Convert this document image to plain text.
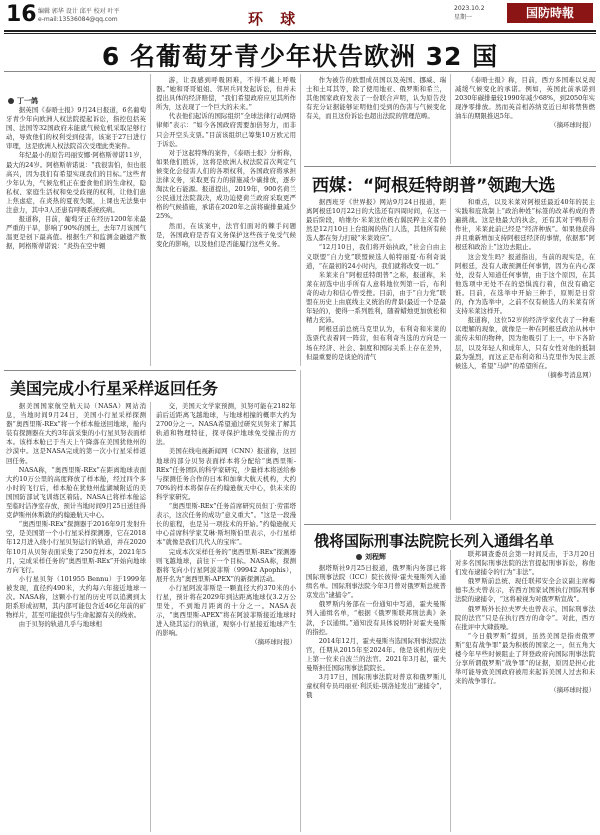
16 编辑 郭华 设计 邱平 校对 叶平
e-mail:13536084@qq.com	环 球
2023.10.2
星期一	国防時報
6 名葡萄牙青少年状告欧洲 32 国
丁一鸽

据英国《泰晤士报》9月24日报道，6名葡萄牙青少年向欧洲人权法院提起诉讼，指控包括英国、法国等32国政府未能就气候危机采取足够行动，导致他们的权利受到侵害，该案于27日进行审理，这是欧洲人权法院首次受理此类案件。

年纪最小的原告玛丽安娜·阿格斯蒂诺11岁，最大的24岁。阿格斯蒂诺说：“我很害怕，但也很高兴，因为我们有希望实现我们的目标。”这些青少年认为，气候危机正在蚕食他们的生命权，隐私权、家庭生活权和免受歧视的权利，让他们患上焦虑症，在炎热的夏夜失眠，上课也无法集中注意力，其中3人还患有呼吸系统疾病。

报道称，目前，葡萄牙正在经历1200年来最严重的干旱，影响了90%的国土，去年7月该国气温更是创下最高值。根据生产和监测金融遗产数据，阿格斯蒂诺说：“炎热在空中翱

游，让我感到呼吸困难，不得不戴上呼吸器。”她和哥哥姐姐、邻居兵同发起诉讼，但并未提出具体的经济赔偿，“我们希望政府应见其所作所为，这表现了一个巨大的未来。”

代表他们起诉的国际组织“全球法律行动网络律师”表示：“如今各国政府需要加倍努力，而非只会开空头支票。”目前该组织已筹集10万欧元用于诉讼。

对于这起特殊的案件，《泰晤士报》分析称，如果他们胜诉，这将是欧洲人权法院首次判定气候变化会侵害人们的各项权利，各国政府将承担法律义务，采取更有力的措施减少碳排放，逐步淘汰化石能源。报道提出，2019年，900名荷兰公民通过法院裁决，成功迫使荷兰政府采取更严格的气候措施，承诺在2020年之前将碳排量减少25%。

然而，在该案中，法官们面对的棘手问题是，各国政府是否有义务保护这些孩子免受气候变化的影响，以及他们是否能履行这些义务。

作为被告的欧盟成员国以及英国、挪威、瑞士和土耳其等，除了使用地亚、俄罗斯和希兰，其他国家政府发表了一份联合声明，认为原告没有充分证据能够证明他们受到的伤害与气候变化有关，而且这份诉讼也超出法院的管理范畴。

《泰晤士报》称，目前，西方多国难以兑现减缓气候变化的承诺。例如，英国此前承诺到2030年碳排量较1990年减少68%，到2050年实现净零排放。然而英首相苏纳克近日却将禁售燃油车的期限推迟5年。

（摘环球时报）

西媒：“阿根廷特朗普”领跑大选

据西班牙《世界报》网站9月24日报道，距离阿根廷10月22日的大选还有四周时间，在这一最后阶段，哈维尔·米莱这位极右翼民粹主义者仍然是12月10日上台组阁的热门人选，其他所有候选人都在努力打破“米莱效应”。

“12月10日，我们将开始执政，”社会自由主义联盟“自力党”联盟候选人帕特丽夏·布利奇说道，“在最初的24小时内，我们就将改变一切。”

米莱来自“阿根廷特朗普”之称，报道称，米莱在初选中出乎所有人意料地位列第一后，布利奇的动力和信心曾受挫。目前，由于“自力党”联盟在历史上由底线主义统治的背景(最近一个是最年轻的)，使得一系列胜利，随着蜡烛更加放松和精力充沛。

阿根廷前总统马克里认为，布利奇和米莱的选票代表着同一阵营，但布利奇当选的方向是一场在经济、社会、制度和国际关系上存在差异，但最重要的是谈论的清气

和重点，以及米莱对阿根廷最近40年的民主实践和庇敌制上“政治种姓”标签的改革构成的普遍挑战。这是他最大的执念，还有其对于鸭形合作社，米莱此前已经是“经济种族”。如果他获得并且重新增加支持阿根廷经济的事情，依据那“阿根廷和政治上”这边去阻止。

这会发生吗？报道指出，当前的现实是，在阿根廷，没有人敢预测任何事情，因为在内心深处，没有人知道任何事情，由于这个原因，在其他选项中无处不在的恐惧流行着，但没有确定谁。目前，在选举中开始三种手，原则是日常的，作为选举中，之前不仅有候选人的米莱有所支持米莱这样开。

报道称，这位52岁的经济学家代表了一种难以理解的现象，就像是一种在阿根廷政治从林中流传未知的物种，因为他吸引了上一，中下各阶层，以及年轻人和成年人，只有女性对他的抵制最为强烈，而这正是布利奇和马克里作为民主派候选人，希望“马萨”的希望所在。

（摘参考消息网）

美国完成小行星采样返回任务

据美国国家航空航天局（NASA）网站消息，当地时间9月24日，美国小行星采样探测器“奥西里斯-REx”将一个样本舱送回地球，舱内装有探测器在大约3年前采集的小行星贝努表面样本。该样本舱已于当天上午降落在美国犹他州的沙漠中。这是NASA完成的第一次小行星采样返回任务。

NASA称，“奥西里斯-REx”在距离地球表面大约10万公里的高度释放了样本舱，经过四个多小时的飞行后，样本舱在犹他州盐湖城附近的美国国防部试飞训练区着陆。NASA已将样本舱运至临时洁净室存放，预计当地时间9月25日送往得克萨斯州休斯敦的约翰逊航天中心。

“奥西里斯-REx”探测器于2016年9月发射升空，是美国第一个小行星采样探测器，它在2018年12月进入绕小行星贝努运行的轨道，并在2020年10月从贝努表面采集了250克样本，2021年5月，完成采样任务的“奥西里斯-REx”开始向地球方向飞行。

小行星贝努（101955 Bennu）于1999年被发现，直径约490米，大约每六年接近地球一次。NASA称，这颗小行星的历史可以追溯到太阳系形成初期，其内部可能包含近46亿年前的矿物样片，甚至可能提供与生命起源有关的线索。

由于贝努的轨道几乎与地球相

交，美国天文学家预测，贝努可能在2182年前后近距离飞越地球，与地球相撞的概率大约为2700分之一。NASA希望通过研究贝努来了解其轨道和物理特征，探寻保护地球免受撞击的方法。

美国在线电视新闻网（CNN）报道称，这回地球的部分贝努表面样本将分配给“奥西里斯-REx”任务团队的科学家研究，少量样本将送给参与探测任务合作的日本和加拿大航天机构，大约70%的样本将保存在约翰逊航天中心，供未来的科学家研究。

“奥西里斯-REx”任务首席研究员但丁·劳雷塔表示，这次任务的成功“意义重大”。“这是一段漫长的旅程，也是另一项技术的开始。”约翰逊航天中心首席科学家艾琳·斯坦斯伯里表示，小行星样本“就像是我们几代人的宝库”。

完成本次采样任务的“奥西里斯-REx”探测器则飞越地球，前往下一个目标。NASA称，探测器将飞向小行星阿波菲斯（99942 Apophis），展开名为“奥西里斯-APEX”的新探测活动。

小行星阿波菲斯是一颗直径大约370米的小行星，预计将在2029年到达距离地球仅3.2万公里处，不到地月距离的十分之一。NASA表示，“奥西里斯-APEX”将在阿波菲斯接近地球时进入绕其运行的轨道，观察小行星接近地球产生的影响。

（摘环球时报）

俄将国际刑事法院院长列入通缉名单
刘程辉

据塔斯社9月25日报道，俄罗斯内务部已将国际刑事法院（ICC）院长彼得·霍夫曼斯列入通缉名单。国际刑事法院今年3月曾对俄罗斯总统普京发出“逮捕令”。

俄罗斯内务部在一份通知中写道，霍夫曼斯列入通缉名单，“根据《俄罗斯联邦刑法典》条款，予以通缉。”通知没有具体说明针对霍夫曼斯的指控。

2014年12月，霍夫曼斯当选国际刑事法院法官，任期从2015年至2024年。他是该机构历史上第一位来自波兰的法官。2021年3月起，霍夫曼斯担任国际刑事法院院长。

3月17日，国际刑事法院对普京和俄罗斯儿童权利专员玛丽亚·利沃娃-别洛娃发出“逮捕令”，俄

联邦调查委员会第一时间反击，于3月20日对多名国际刑事法院的法官提起刑事诉讼，称他们发布逮捕令的行为“非法”。

俄罗斯前总统、现任联邦安全会议副主席梅德韦杰夫曾表示，若西方国家试图执行国际刑事法院的逮捕令，“这将被视为对俄罗斯宣战”。

俄罗斯外长拉夫罗夫也曾表示，国际刑事法院的法官“只是在执行西方的命令”。对此，西方在批评中大肆鼓噪。

“今日俄罗斯”提到，虽然美国是指责俄罗斯“犯有战争罪”最为积极的国家之一，但五角大楼今年早些时候阻止了拜登政府向国际刑事法院分享所谓俄罗斯“战争罪”的证据，原因是担心此举可能导致美国政府被用来起诉美国人过去和未来的战争罪行。

（摘环球时报）
